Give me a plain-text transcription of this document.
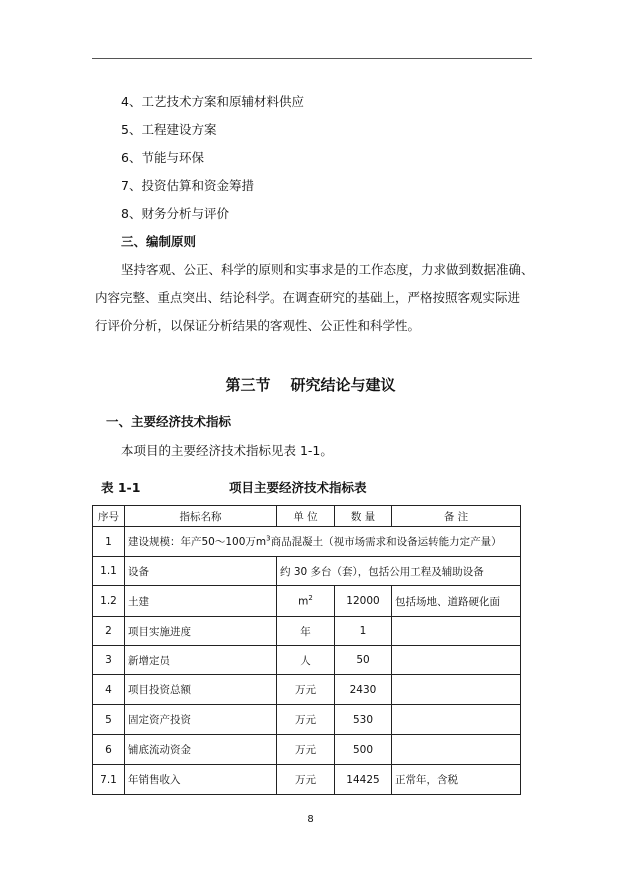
4、工艺技术方案和原辅材料供应
5、工程建设方案
6、节能与环保
7、投资估算和资金筹措
8、财务分析与评价
三、编制原则
坚持客观、公正、科学的原则和实事求是的工作态度，力求做到数据准确、
内容完整、重点突出、结论科学。在调查研究的基础上，严格按照客观实际进
行评价分析，以保证分析结果的客观性、公正性和科学性。
第三节 研究结论与建议
一、主要经济技术指标
本项目的主要经济技术指标见表 1-1。
表 1-1	项目主要经济技术指标表
序号	指标名称	单 位	数 量	备 注
1	建设规模：年产50～100万$m^3$商品混凝土（视市场需求和设备运转能力定产量）			
1.1	设备	约 30 多台（套），包括公用工程及辅助设备		
1.2	土建	$m^2$	12000	包括场地、道路硬化面
2	项目实施进度	年	1	
3	新增定员	人	50	
4	项目投资总额	万元	2430	
5	固定资产投资	万元	530	
6	铺底流动资金	万元	500	
7.1	年销售收入	万元	14425	正常年，含税
8
